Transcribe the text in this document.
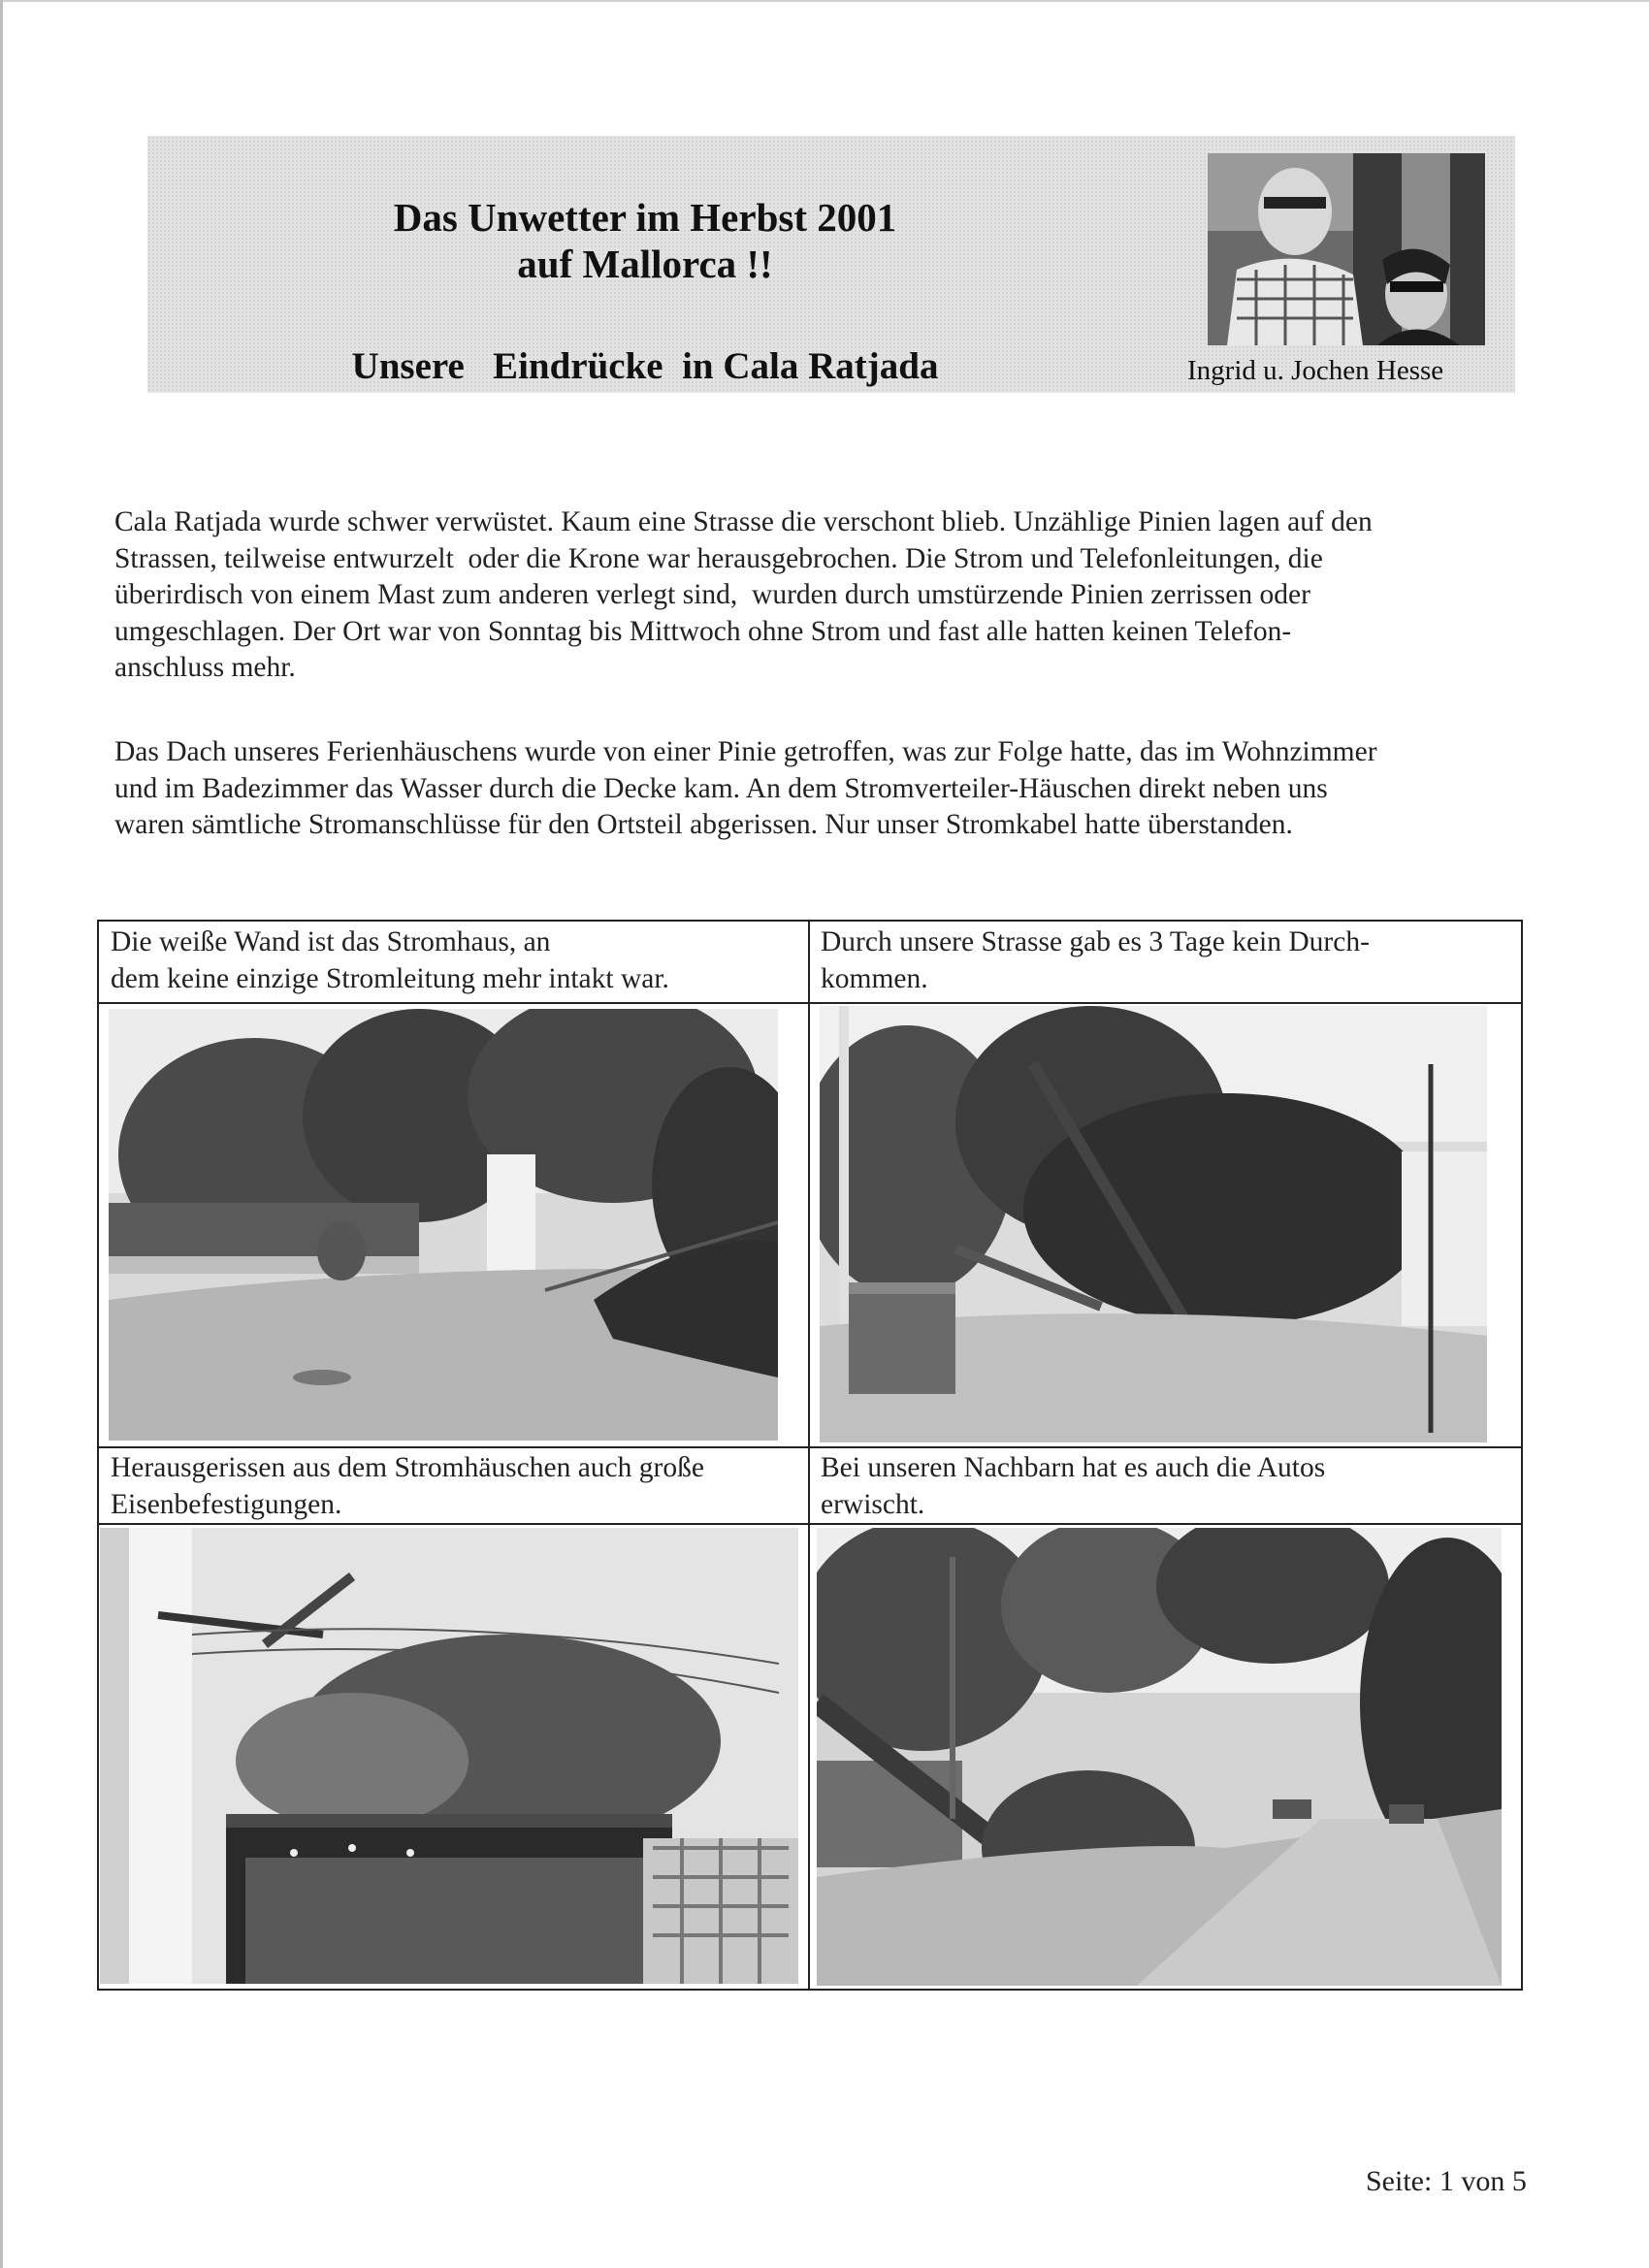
Das Unwetter im Herbst 2001
auf Mallorca !!
Unsere   Eindrücke  in Cala Ratjada	Ingrid u. Jochen Hesse

Cala Ratjada wurde schwer verwüstet. Kaum eine Strasse die verschont blieb. Unzählige Pinien lagen auf den

Strassen, teilweise entwurzelt  oder die Krone war herausgebrochen. Die Strom und Telefonleitungen, die

überirdisch von einem Mast zum anderen verlegt sind,  wurden durch umstürzende Pinien zerrissen oder

umgeschlagen. Der Ort war von Sonntag bis Mittwoch ohne Strom und fast alle hatten keinen Telefon-

anschluss mehr.

Das Dach unseres Ferienhäuschens wurde von einer Pinie getroffen, was zur Folge hatte, das im Wohnzimmer

und im Badezimmer das Wasser durch die Decke kam. An dem Stromverteiler-Häuschen direkt neben uns

waren sämtliche Stromanschlüsse für den Ortsteil abgerissen. Nur unser Stromkabel hatte überstanden.

Die weiße Wand ist das Stromhaus, an

dem keine einzige Stromleitung mehr intakt war.

Durch unsere Strasse gab es 3 Tage kein Durch-

kommen.

Herausgerissen aus dem Stromhäuschen auch große

Eisenbefestigungen.

Bei unseren Nachbarn hat es auch die Autos

erwischt.

Seite: 1 von 5
